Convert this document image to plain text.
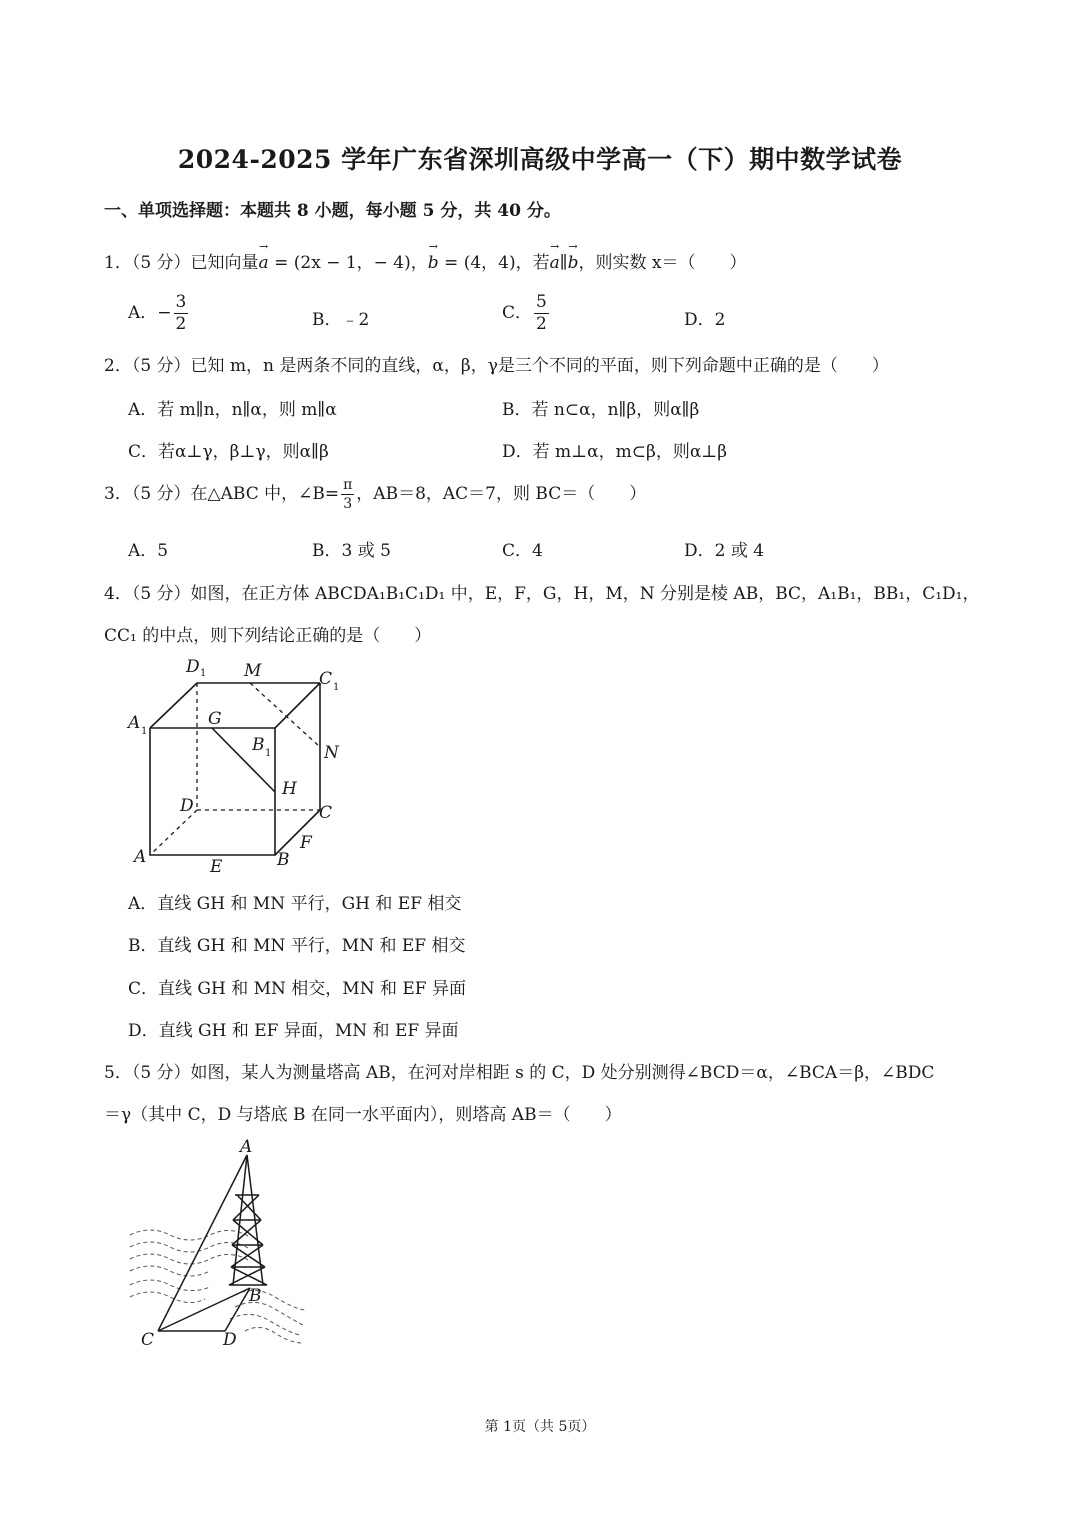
2024-2025 学年广东省深圳高级中学高一（下）期中数学试卷
一、单项选择题：本题共 8 小题，每小题 5 分，共 40 分。
1．（5 分）已知向量→ a = (2x − 1，− 4)，→ b = (4，4)，若→ a∥→ b，则实数 x＝（　　）
A．− $\frac{3}{2}$	B．﹣2	C． $\frac{5}{2}$	D．2
2．（5 分）已知 m，n 是两条不同的直线，α，β，γ是三个不同的平面，则下列命题中正确的是（　　）
A．若 m∥n，n∥α，则 m∥α	B．若 n⊂α，n∥β，则α∥β
C．若α⊥γ，β⊥γ，则α∥β	D．若 m⊥α，m⊂β，则α⊥β
3．（5 分）在△ABC 中，∠B= $\frac{\pi}{3}$ ，AB＝8，AC＝7，则 BC＝（　　）
A．5	B．3 或 5	C．4	D．2 或 4
4．（5 分）如图，在正方体 ABCDA₁B₁C₁D₁ 中，E，F，G，H，M，N 分别是棱 AB，BC，A₁B₁，BB₁，C₁D₁，
CC₁ 的中点，则下列结论正确的是（　　）
D 1 M	C 1
A 1
G
B 1	N
H
D	C
F
A	E	B
A．直线 GH 和 MN 平行，GH 和 EF 相交
B．直线 GH 和 MN 平行，MN 和 EF 相交
C．直线 GH 和 MN 相交，MN 和 EF 异面
D．直线 GH 和 EF 异面，MN 和 EF 异面
5．（5 分）如图，某人为测量塔高 AB，在河对岸相距 s 的 C，D 处分别测得∠BCD＝α，∠BCA＝β，∠BDC
＝γ（其中 C，D 与塔底 B 在同一水平面内），则塔高 AB＝（　　）
A
B
C	D
第 1页（共 5页）
